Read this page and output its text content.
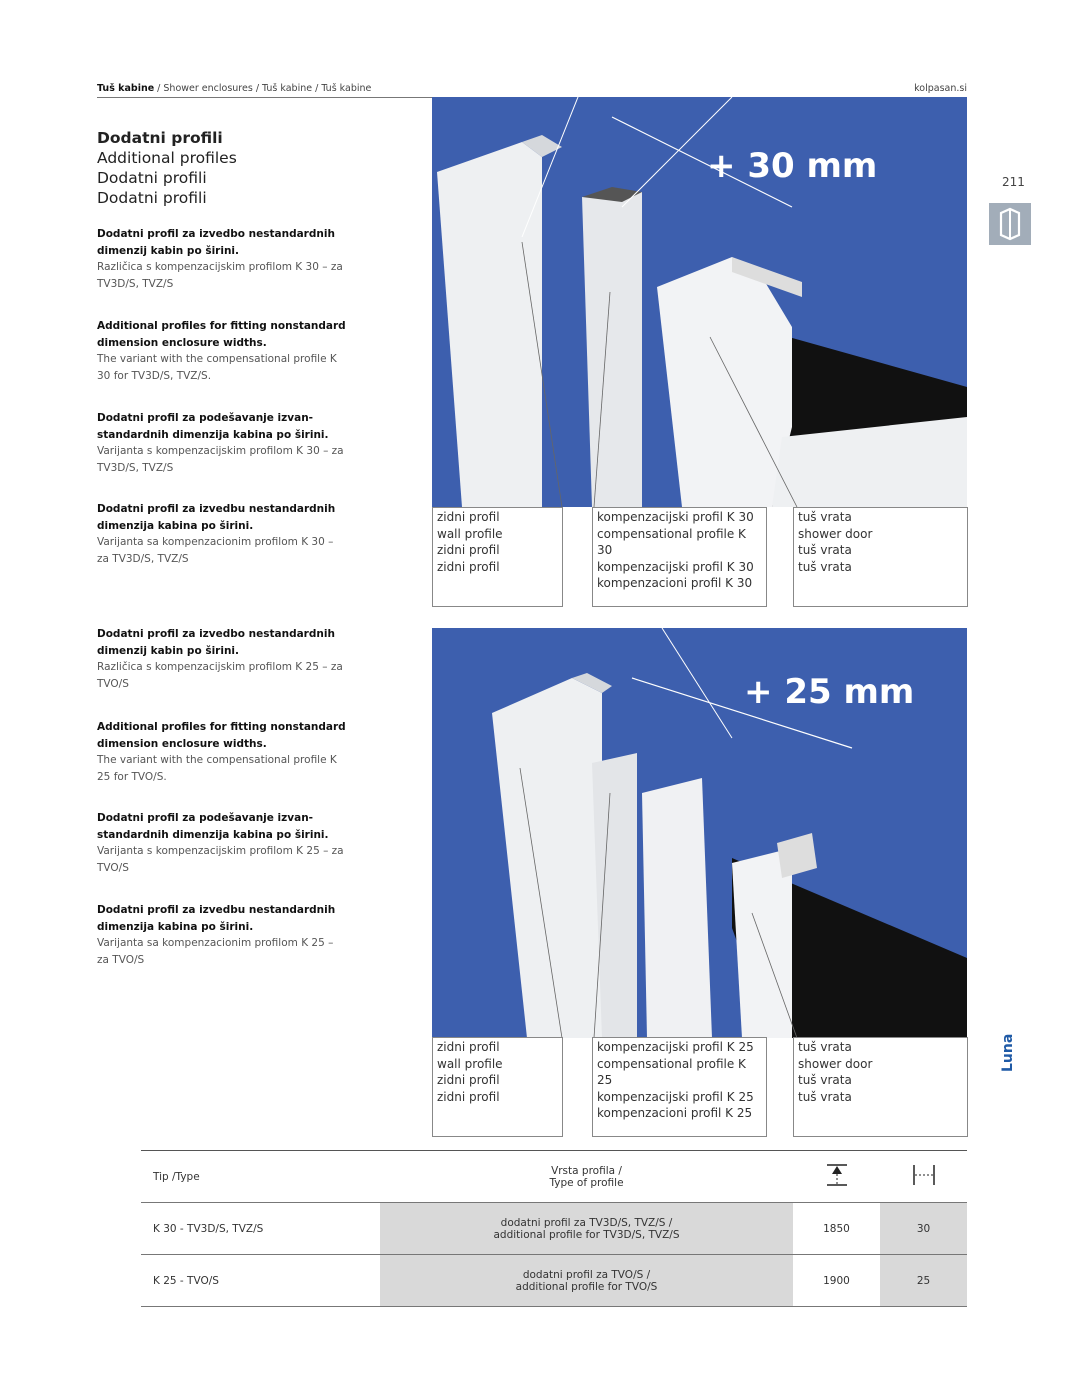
Tuš kabine / Shower enclosures / Tuš kabine / Tuš kabine	kolpasan.si
211
Luna
Dodatni profili
Additional profiles
Dodatni profili
Dodatni profili
Dodatni profil za izvedbo nestandardnih dimenzij kabin po širini.
Različica s kompenzacijskim profilom K 30 – za TV3D/S, TVZ/S
Additional profiles for fitting nonstandard dimension enclosure widths.
The variant with the compensational profile K 30 for TV3D/S, TVZ/S.
Dodatni profil za podešavanje izvan-standardnih dimenzija kabina po širini.
Varijanta s kompenzacijskim profilom K 30 – za TV3D/S, TVZ/S
Dodatni profil za izvedbu nestandardnih dimenzija kabina po širini.
Varijanta sa kompenzacionim profilom K 30 – za TV3D/S, TVZ/S
Dodatni profil za izvedbo nestandardnih dimenzij kabin po širini.
Različica s kompenzacijskim profilom K 25 – za TVO/S
Additional profiles for fitting nonstandard dimension enclosure widths.
The variant with the compensational profile K 25 for TVO/S.
Dodatni profil za podešavanje izvan-standardnih dimenzija kabina po širini.
Varijanta s kompenzacijskim profilom K 25 – za TVO/S
Dodatni profil za izvedbu nestandardnih dimenzija kabina po širini.
Varijanta sa kompenzacionim profilom K 25 – za TVO/S
+ 30 mm
zidni profil
wall profile
zidni profil
zidni profil
kompenzacijski profil K 30
compensational profile K 30
kompenzacijski profil K 30
kompenzacioni profil K 30
tuš vrata
shower door
tuš vrata
tuš vrata
+ 25 mm
zidni profil
wall profile
zidni profil
zidni profil
kompenzacijski profil K 25
compensational profile K 25
kompenzacijski profil K 25
kompenzacioni profil K 25
tuš vrata
shower door
tuš vrata
tuš vrata
Tip /Type	Vrsta profila /
Type of profile

K 30 - TV3D/S, TVZ/S	dodatni profil za TV3D/S, TVZ/S /
additional profile for TV3D/S, TVZ/S	1850	30
K 25 - TVO/S	dodatni profil za TVO/S /
additional profile for TVO/S	1900	25
